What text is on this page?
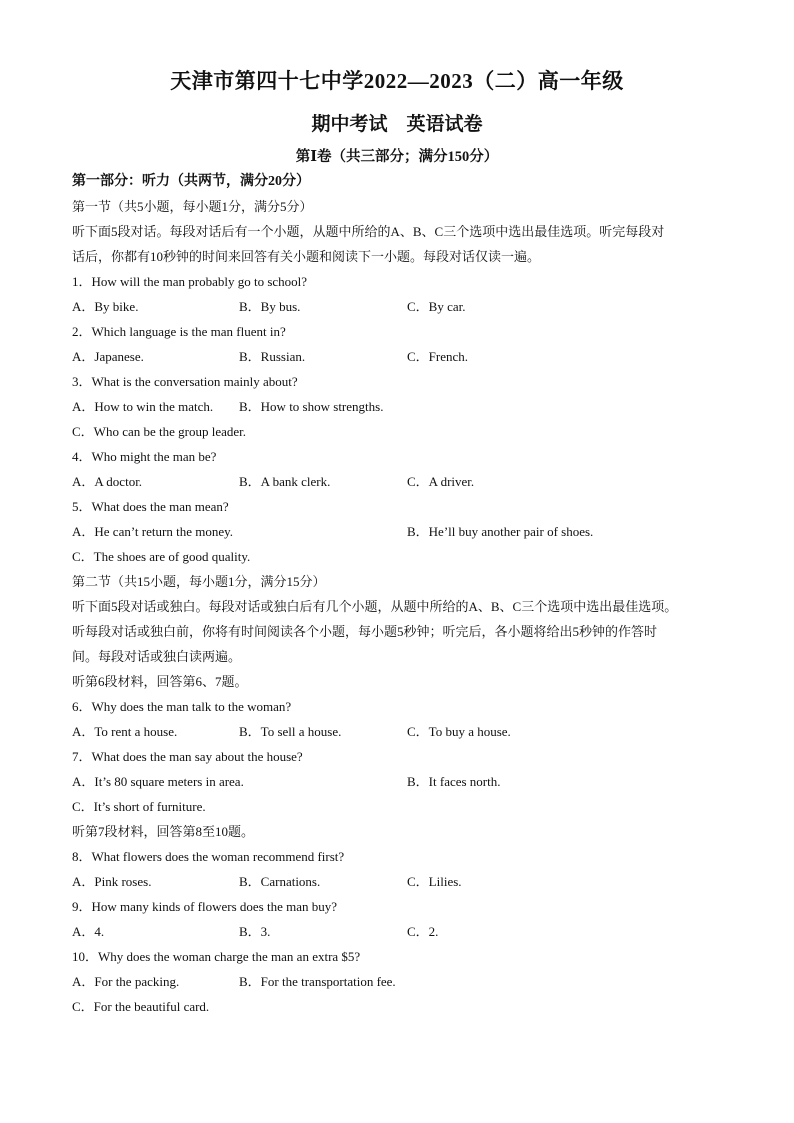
天津市第四十七中学2022—2023（二）高一年级
期中考试　英语试卷
第Ⅰ卷（共三部分；满分150分）
第一部分：听力（共两节，满分20分）
第一节（共5小题，每小题1分，满分5分）
听下面5段对话。每段对话后有一个小题，从题中所给的A、B、C三个选项中选出最佳选项。听完每段对
话后，你都有10秒钟的时间来回答有关小题和阅读下一小题。每段对话仅读一遍。
1．How will the man probably go to school?
A．By bike.	B．By bus.	C．By car.
2．Which language is the man fluent in?
A．Japanese.	B．Russian.	C．French.
3．What is the conversation mainly about?
A．How to win the match. B．How to show strengths.
C．Who can be the group leader.
4．Who might the man be?
A．A doctor.	B．A bank clerk.	C．A driver.
5．What does the man mean?
A．He can’t return the money.	B．He’ll buy another pair of shoes.
C．The shoes are of good quality.
第二节（共15小题，每小题1分，满分15分）
听下面5段对话或独白。每段对话或独白后有几个小题，从题中所给的A、B、C三个选项中选出最佳选项。
听每段对话或独白前，你将有时间阅读各个小题，每小题5秒钟；听完后，各小题将给出5秒钟的作答时
间。每段对话或独白读两遍。
听第6段材料，回答第6、7题。
6．Why does the man talk to the woman?
A．To rent a house.	B．To sell a house.	C．To buy a house.
7．What does the man say about the house?
A．It’s 80 square meters in area.	B．It faces north.
C．It’s short of furniture.
听第7段材料，回答第8至10题。
8．What flowers does the woman recommend first?
A．Pink roses.	B．Carnations.	C．Lilies.
9．How many kinds of flowers does the man buy?
A．4.	B．3.	C．2.
10．Why does the woman charge the man an extra $5?
A．For the packing.	B．For the transportation fee.
C．For the beautiful card.
